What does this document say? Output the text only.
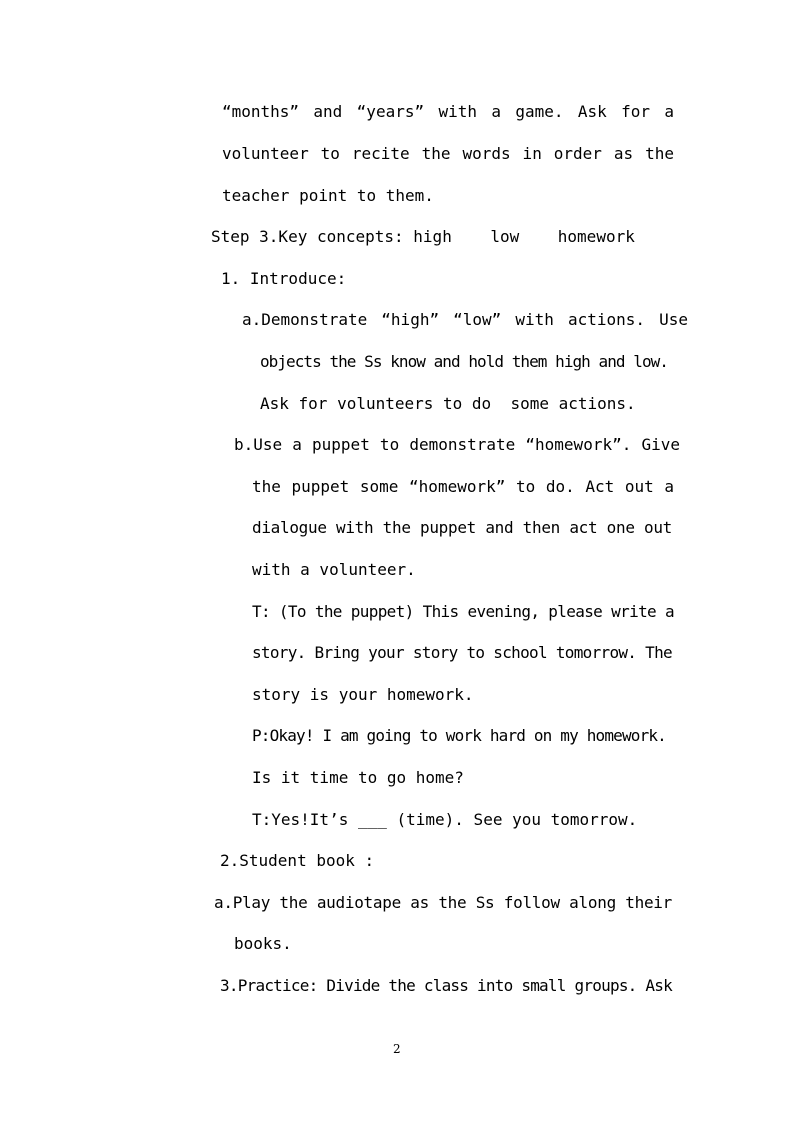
“months” and “years” with a game. Ask for a
volunteer to recite the words in order as the
teacher point to them.
Step 3.Key concepts: high    low    homework
1. Introduce:
a.Demonstrate “high” “low” with actions. Use
objects the Ss know and hold them high and low.
Ask for volunteers to do  some actions.
b.Use a puppet to demonstrate “homework”. Give
the puppet some “homework” to do. Act out a
dialogue with the puppet and then act one out
with a volunteer.
T: (To the puppet) This evening, please write a
story. Bring your story to school tomorrow. The
story is your homework.
P:Okay! I am going to work hard on my homework.
Is it time to go home?
T:Yes!It’s ___ (time). See you tomorrow.
2.Student book :
a.Play the audiotape as the Ss follow along their
books.
3.Practice: Divide the class into small groups. Ask
2
